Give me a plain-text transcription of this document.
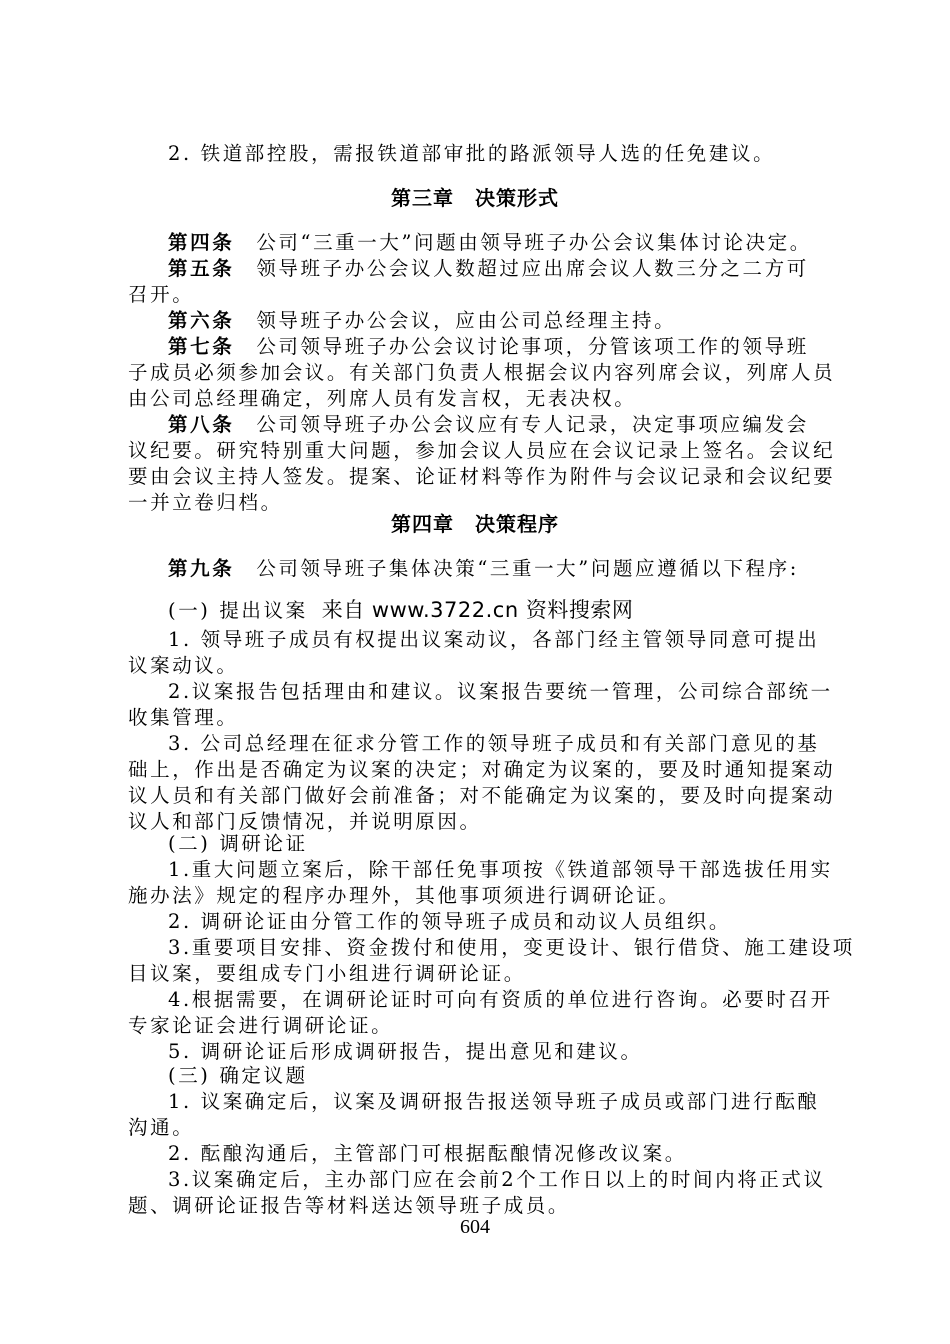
2. 铁道部控股，需报铁道部审批的路派领导人选的任免建议。
第三章　决策形式
第四条 公司“三重一大”问题由领导班子办公会议集体讨论决定。
第五条 领导班子办公会议人数超过应出席会议人数三分之二方可
召开。
第六条 领导班子办公会议，应由公司总经理主持。
第七条 公司领导班子办公会议讨论事项，分管该项工作的领导班
子成员必须参加会议。有关部门负责人根据会议内容列席会议，列席人员
由公司总经理确定，列席人员有发言权，无表决权。
第八条 公司领导班子办公会议应有专人记录，决定事项应编发会
议纪要。研究特别重大问题，参加会议人员应在会议记录上签名。会议纪
要由会议主持人签发。提案、论证材料等作为附件与会议记录和会议纪要
一并立卷归档。
第四章　决策程序
第九条 公司领导班子集体决策“三重一大”问题应遵循以下程序:
(一) 提出议案 来自 www.3722.cn 资料搜索网
1. 领导班子成员有权提出议案动议，各部门经主管领导同意可提出
议案动议。
2.议案报告包括理由和建议。议案报告要统一管理，公司综合部统一
收集管理。
3. 公司总经理在征求分管工作的领导班子成员和有关部门意见的基
础上，作出是否确定为议案的决定；对确定为议案的，要及时通知提案动
议人员和有关部门做好会前准备；对不能确定为议案的，要及时向提案动
议人和部门反馈情况，并说明原因。
(二) 调研论证
1.重大问题立案后，除干部任免事项按《铁道部领导干部选拔任用实
施办法》规定的程序办理外，其他事项须进行调研论证。
2. 调研论证由分管工作的领导班子成员和动议人员组织。
3.重要项目安排、资金拨付和使用，变更设计、银行借贷、施工建设项
目议案，要组成专门小组进行调研论证。
4.根据需要，在调研论证时可向有资质的单位进行咨询。必要时召开
专家论证会进行调研论证。
5. 调研论证后形成调研报告，提出意见和建议。
(三) 确定议题
1. 议案确定后，议案及调研报告报送领导班子成员或部门进行酝酿
沟通。
2. 酝酿沟通后，主管部门可根据酝酿情况修改议案。
3.议案确定后，主办部门应在会前2个工作日以上的时间内将正式议
题、调研论证报告等材料送达领导班子成员。
604
